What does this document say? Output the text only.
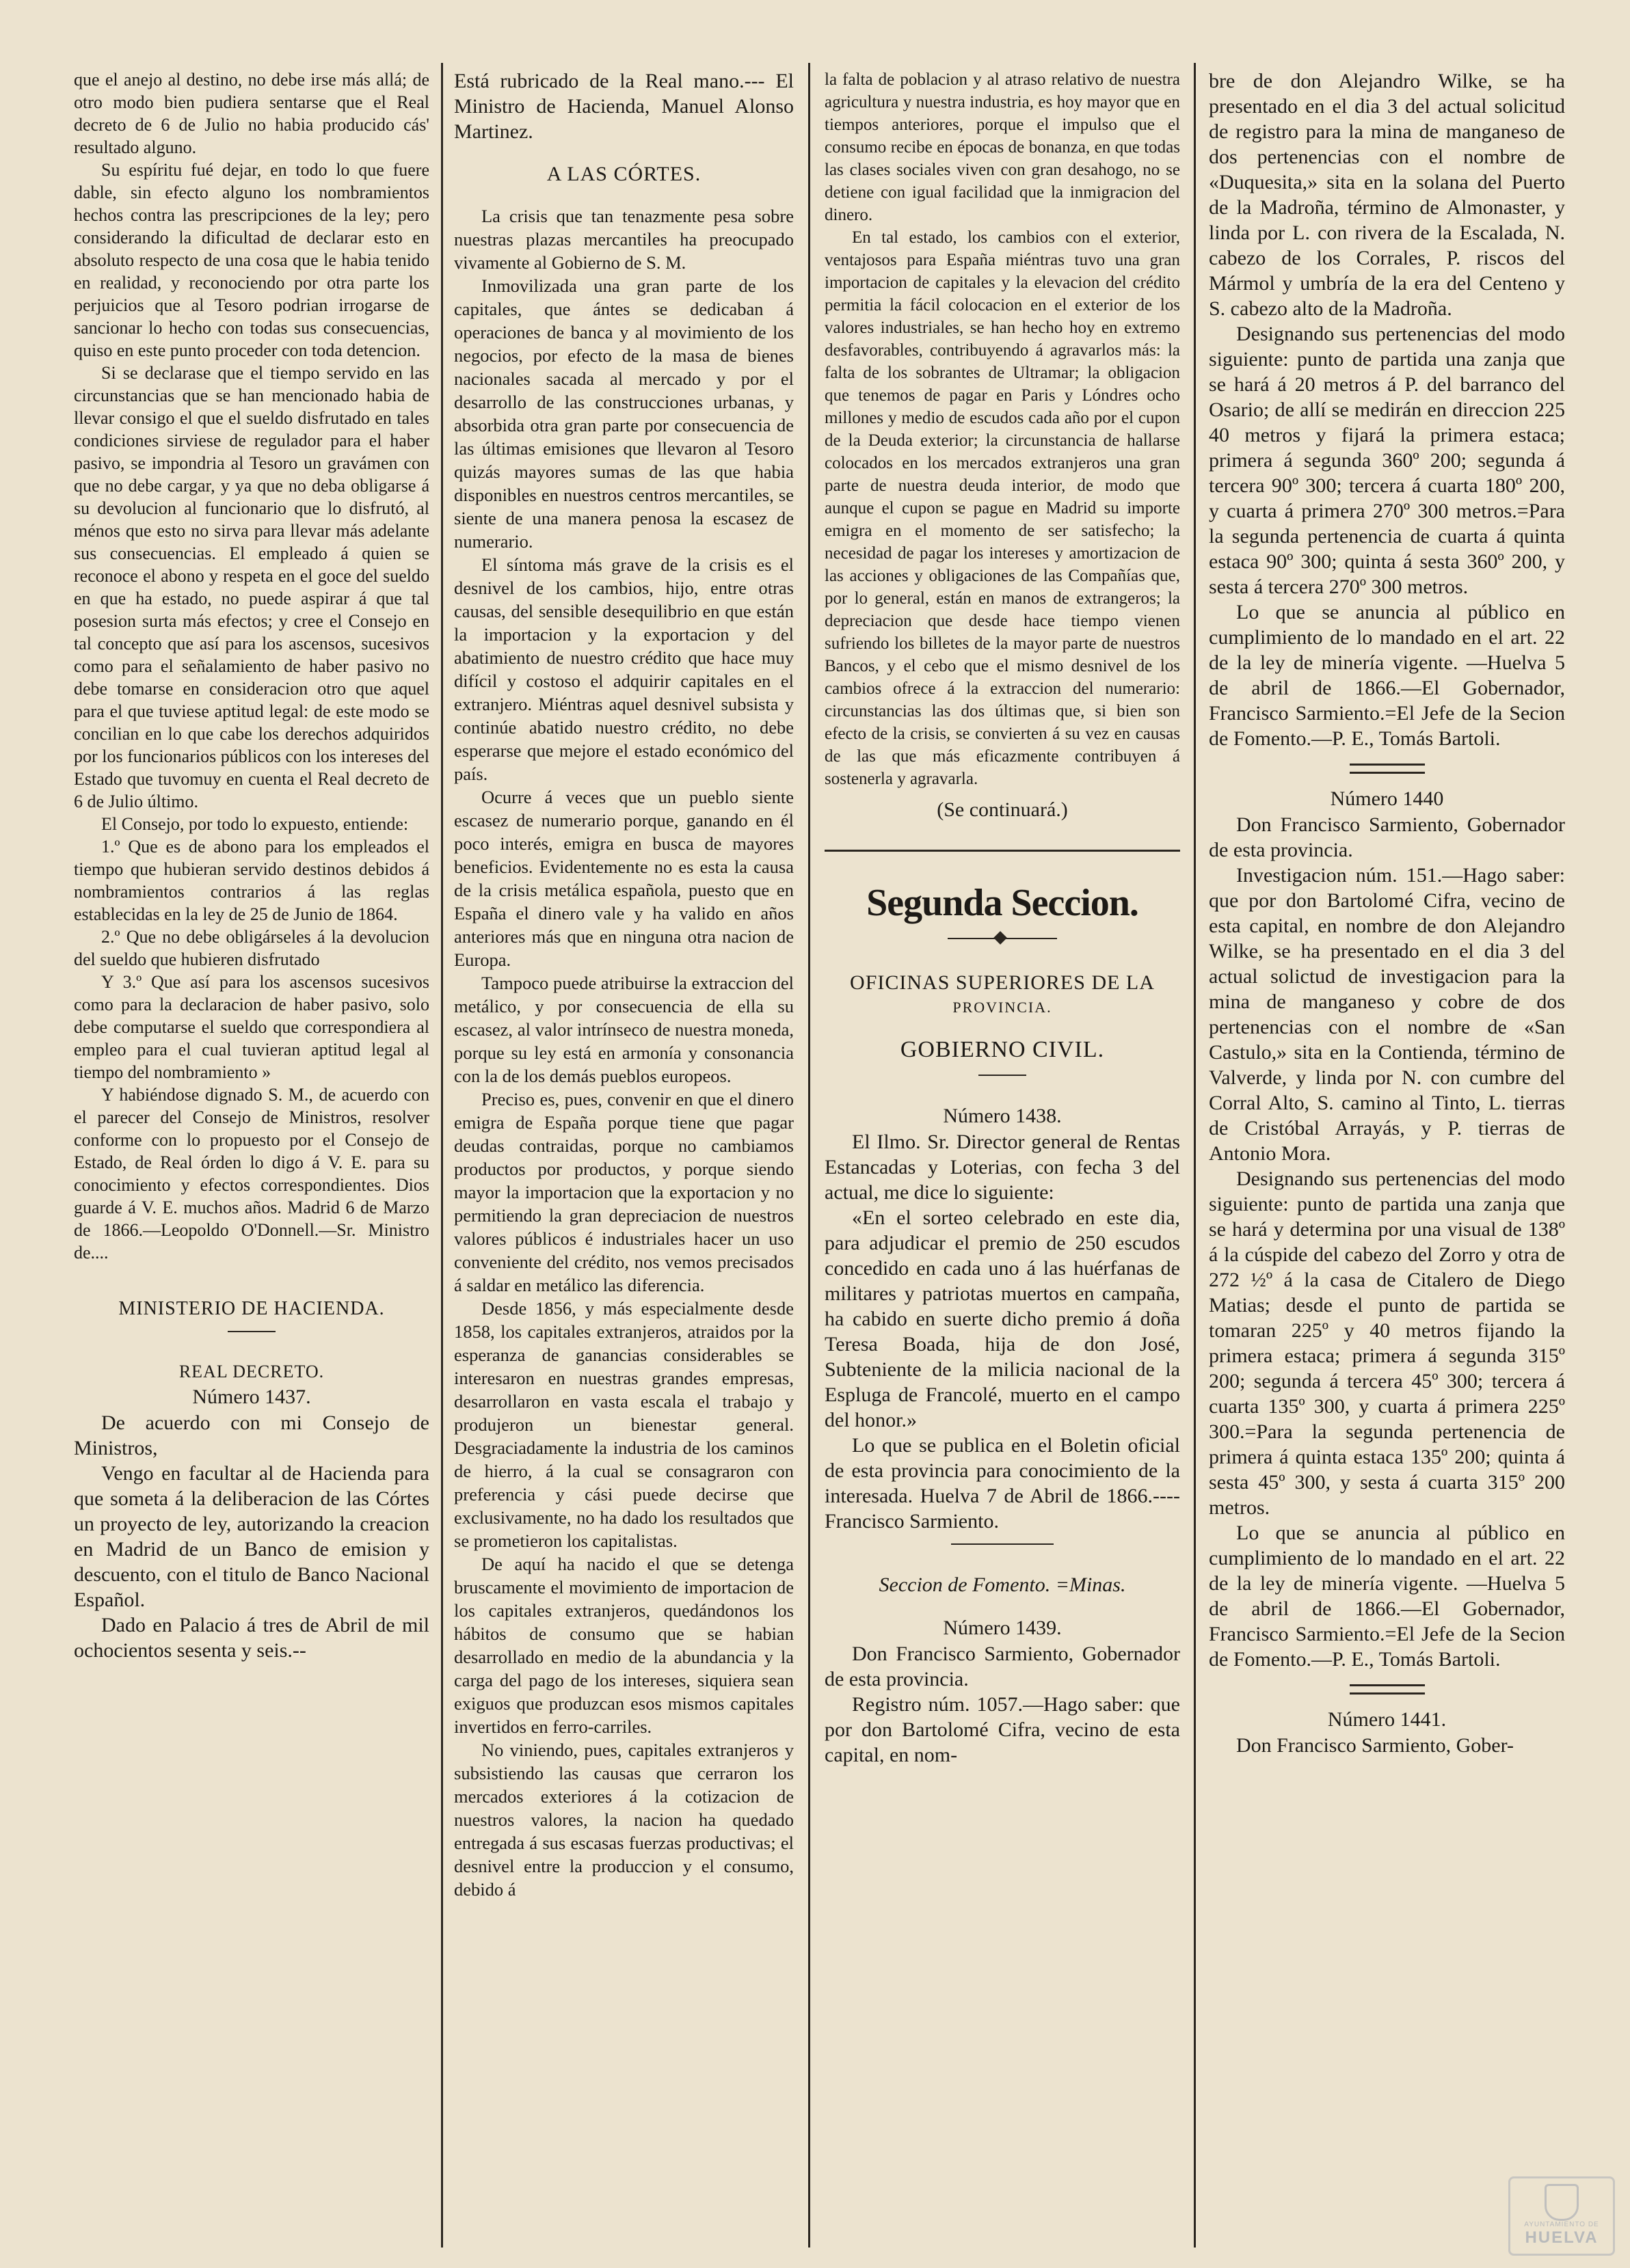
que el anejo al destino, no debe irse más allá; de otro modo bien pudiera sentarse que el Real decreto de 6 de Julio no habia producido cás' resultado alguno.

Su espíritu fué dejar, en todo lo que fuere dable, sin efecto alguno los nombramientos hechos contra las prescripciones de la ley; pero considerando la dificultad de declarar esto en absoluto respecto de una cosa que le habia tenido en realidad, y reconociendo por otra parte los perjuicios que al Tesoro podrian irrogarse de sancionar lo hecho con todas sus consecuencias, quiso en este punto proceder con toda detencion.

Si se declarase que el tiempo servido en las circunstancias que se han mencionado habia de llevar consigo el que el sueldo disfrutado en tales condiciones sirviese de regulador para el haber pasivo, se impondria al Tesoro un gravámen con que no debe cargar, y ya que no deba obligarse á su devolucion al funcionario que lo disfrutó, al ménos que esto no sirva para llevar más adelante sus consecuencias. El empleado á quien se reconoce el abono y respeta en el goce del sueldo en que ha estado, no puede aspirar á que tal posesion surta más efectos; y cree el Consejo en tal concepto que así para los ascensos, sucesivos como para el señalamiento de haber pasivo no debe tomarse en consideracion otro que aquel para el que tuviese aptitud legal: de este modo se concilian en lo que cabe los derechos adquiridos por los funcionarios públicos con los intereses del Estado que tuvomuy en cuenta el Real decreto de 6 de Julio último.

El Consejo, por todo lo expuesto, entiende:

1.º Que es de abono para los empleados el tiempo que hubieran servido destinos debidos á nombramientos contrarios á las reglas establecidas en la ley de 25 de Junio de 1864.

2.º Que no debe obligárseles á la devolucion del sueldo que hubieren disfrutado

Y 3.º Que así para los ascensos sucesivos como para la declaracion de haber pasivo, solo debe computarse el sueldo que correspondiera al empleo para el cual tuvieran aptitud legal al tiempo del nombramiento »

Y habiéndose dignado S. M., de acuerdo con el parecer del Consejo de Ministros, resolver conforme con lo propuesto por el Consejo de Estado, de Real órden lo digo á V. E. para su conocimiento y efectos correspondientes. Dios guarde á V. E. muchos años. Madrid 6 de Marzo de 1866.—Leopoldo O'Donnell.—Sr. Ministro de....

MINISTERIO DE HACIENDA.

REAL DECRETO.

Número 1437.

De acuerdo con mi Consejo de Ministros,

Vengo en facultar al de Hacienda para que someta á la deliberacion de las Córtes un proyecto de ley, autorizando la creacion en Madrid de un Banco de emision y descuento, con el titulo de Banco Nacional Español.

Dado en Palacio á tres de Abril de mil ochocientos sesenta y seis.--

Está rubricado de la Real mano.--- El Ministro de Hacienda, Manuel Alonso Martinez.

A LAS CÓRTES.

La crisis que tan tenazmente pesa sobre nuestras plazas mercantiles ha preocupado vivamente al Gobierno de S. M.

Inmovilizada una gran parte de los capitales, que ántes se dedicaban á operaciones de banca y al movimiento de los negocios, por efecto de la masa de bienes nacionales sacada al mercado y por el desarrollo de las construcciones urbanas, y absorbida otra gran parte por consecuencia de las últimas emisiones que llevaron al Tesoro quizás mayores sumas de las que habia disponibles en nuestros centros mercantiles, se siente de una manera penosa la escasez de numerario.

El síntoma más grave de la crisis es el desnivel de los cambios, hijo, entre otras causas, del sensible desequilibrio en que están la importacion y la exportacion y del abatimiento de nuestro crédito que hace muy difícil y costoso el adquirir capitales en el extranjero. Miéntras aquel desnivel subsista y continúe abatido nuestro crédito, no debe esperarse que mejore el estado económico del país.

Ocurre á veces que un pueblo siente escasez de numerario porque, ganando en él poco interés, emigra en busca de mayores beneficios. Evidentemente no es esta la causa de la crisis metálica española, puesto que en España el dinero vale y ha valido en años anteriores más que en ninguna otra nacion de Europa.

Tampoco puede atribuirse la extraccion del metálico, y por consecuencia de ella su escasez, al valor intrínseco de nuestra moneda, porque su ley está en armonía y consonancia con la de los demás pueblos europeos.

Preciso es, pues, convenir en que el dinero emigra de España porque tiene que pagar deudas contraidas, porque no cambiamos productos por productos, y porque siendo mayor la importacion que la exportacion y no permitiendo la gran depreciacion de nuestros valores públicos é industriales hacer un uso conveniente del crédito, nos vemos precisados á saldar en metálico las diferencia.

Desde 1856, y más especialmente desde 1858, los capitales extranjeros, atraidos por la esperanza de ganancias considerables se interesaron en nuestras grandes empresas, desarrollaron en vasta escala el trabajo y produjeron un bienestar general. Desgraciadamente la industria de los caminos de hierro, á la cual se consagraron con preferencia y cási puede decirse que exclusivamente, no ha dado los resultados que se prometieron los capitalistas.

De aquí ha nacido el que se detenga bruscamente el movimiento de importacion de los capitales extranjeros, quedándonos los hábitos de consumo que se habian desarrollado en medio de la abundancia y la carga del pago de los intereses, siquiera sean exiguos que produzcan esos mismos capitales invertidos en ferro-carriles.

No viniendo, pues, capitales extranjeros y subsistiendo las causas que cerraron los mercados exteriores á la cotizacion de nuestros valores, la nacion ha quedado entregada á sus escasas fuerzas productivas; el desnivel entre la produccion y el consumo, debido á

la falta de poblacion y al atraso relativo de nuestra agricultura y nuestra industria, es hoy mayor que en tiempos anteriores, porque el impulso que el consumo recibe en épocas de bonanza, en que todas las clases sociales viven con gran desahogo, no se detiene con igual facilidad que la inmigracion del dinero.

En tal estado, los cambios con el exterior, ventajosos para España miéntras tuvo una gran importacion de capitales y la elevacion del crédito permitia la fácil colocacion en el exterior de los valores industriales, se han hecho hoy en extremo desfavorables, contribuyendo á agravarlos más: la falta de los sobrantes de Ultramar; la obligacion que tenemos de pagar en Paris y Lóndres ocho millones y medio de escudos cada año por el cupon de la Deuda exterior; la circunstancia de hallarse colocados en los mercados extranjeros una gran parte de nuestra deuda interior, de modo que aunque el cupon se pague en Madrid su importe emigra en el momento de ser satisfecho; la necesidad de pagar los intereses y amortizacion de las acciones y obligaciones de las Compañías que, por lo general, están en manos de extrangeros; la depreciacion que desde hace tiempo vienen sufriendo los billetes de la mayor parte de nuestros Bancos, y el cebo que el mismo desnivel de los cambios ofrece á la extraccion del numerario: circunstancias las dos últimas que, si bien son efecto de la crisis, se convierten á su vez en causas de las que más eficazmente contribuyen á sostenerla y agravarla.

(Se continuará.)

Segunda Seccion.

OFICINAS SUPERIORES DE LA

PROVINCIA.

GOBIERNO CIVIL.

Número 1438.

El Ilmo. Sr. Director general de Rentas Estancadas y Loterias, con fecha 3 del actual, me dice lo siguiente:

«En el sorteo celebrado en este dia, para adjudicar el premio de 250 escudos concedido en cada uno á las huérfanas de militares y patriotas muertos en campaña, ha cabido en suerte dicho premio á doña Teresa Boada, hija de don José, Subteniente de la milicia nacional de la Espluga de Francolé, muerto en el campo del honor.»

Lo que se publica en el Boletin oficial de esta provincia para conocimiento de la interesada. Huelva 7 de Abril de 1866.----Francisco Sarmiento.

Seccion de Fomento. =Minas.

Número 1439.

Don Francisco Sarmiento, Gobernador de esta provincia.

Registro núm. 1057.—Hago saber: que por don Bartolomé Cifra, vecino de esta capital, en nom-

bre de don Alejandro Wilke, se ha presentado en el dia 3 del actual solicitud de registro para la mina de manganeso de dos pertenencias con el nombre de «Duquesita,» sita en la solana del Puerto de la Madroña, término de Almonaster, y linda por L. con rivera de la Escalada, N. cabezo de los Corrales, P. riscos del Mármol y umbría de la era del Centeno y S. cabezo alto de la Madroña.

Designando sus pertenencias del modo siguiente: punto de partida una zanja que se hará á 20 metros á P. del barranco del Osario; de allí se medirán en direccion 225 40 metros y fijará la primera estaca; primera á segunda 360º 200; segunda á tercera 90º 300; tercera á cuarta 180º 200, y cuarta á primera 270º 300 metros.=Para la segunda pertenencia de cuarta á quinta estaca 90º 300; quinta á sesta 360º 200, y sesta á tercera 270º 300 metros.

Lo que se anuncia al público en cumplimiento de lo mandado en el art. 22 de la ley de minería vigente. —Huelva 5 de abril de 1866.—El Gobernador, Francisco Sarmiento.=El Jefe de la Secion de Fomento.—P. E., Tomás Bartoli.

Número 1440

Don Francisco Sarmiento, Gobernador de esta provincia.

Investigacion núm. 151.—Hago saber: que por don Bartolomé Cifra, vecino de esta capital, en nombre de don Alejandro Wilke, se ha presentado en el dia 3 del actual solictud de investigacion para la mina de manganeso y cobre de dos pertenencias con el nombre de «San Castulo,» sita en la Contienda, término de Valverde, y linda por N. con cumbre del Corral Alto, S. camino al Tinto, L. tierras de Cristóbal Arrayás, y P. tierras de Antonio Mora.

Designando sus pertenencias del modo siguiente: punto de partida una zanja que se hará y determina por una visual de 138º á la cúspide del cabezo del Zorro y otra de 272 ½º á la casa de Citalero de Diego Matias; desde el punto de partida se tomaran 225º y 40 metros fijando la primera estaca; primera á segunda 315º 200; segunda á tercera 45º 300; tercera á cuarta 135º 300, y cuarta á primera 225º 300.=Para la segunda pertenencia de primera á quinta estaca 135º 200; quinta á sesta 45º 300, y sesta á cuarta 315º 200 metros.

Lo que se anuncia al público en cumplimiento de lo mandado en el art. 22 de la ley de minería vigente. —Huelva 5 de abril de 1866.—El Gobernador, Francisco Sarmiento.=El Jefe de la Secion de Fomento.—P. E., Tomás Bartoli.

Número 1441.

Don Francisco Sarmiento, Gober-

AYUNTAMIENTO DE
HUELVA
